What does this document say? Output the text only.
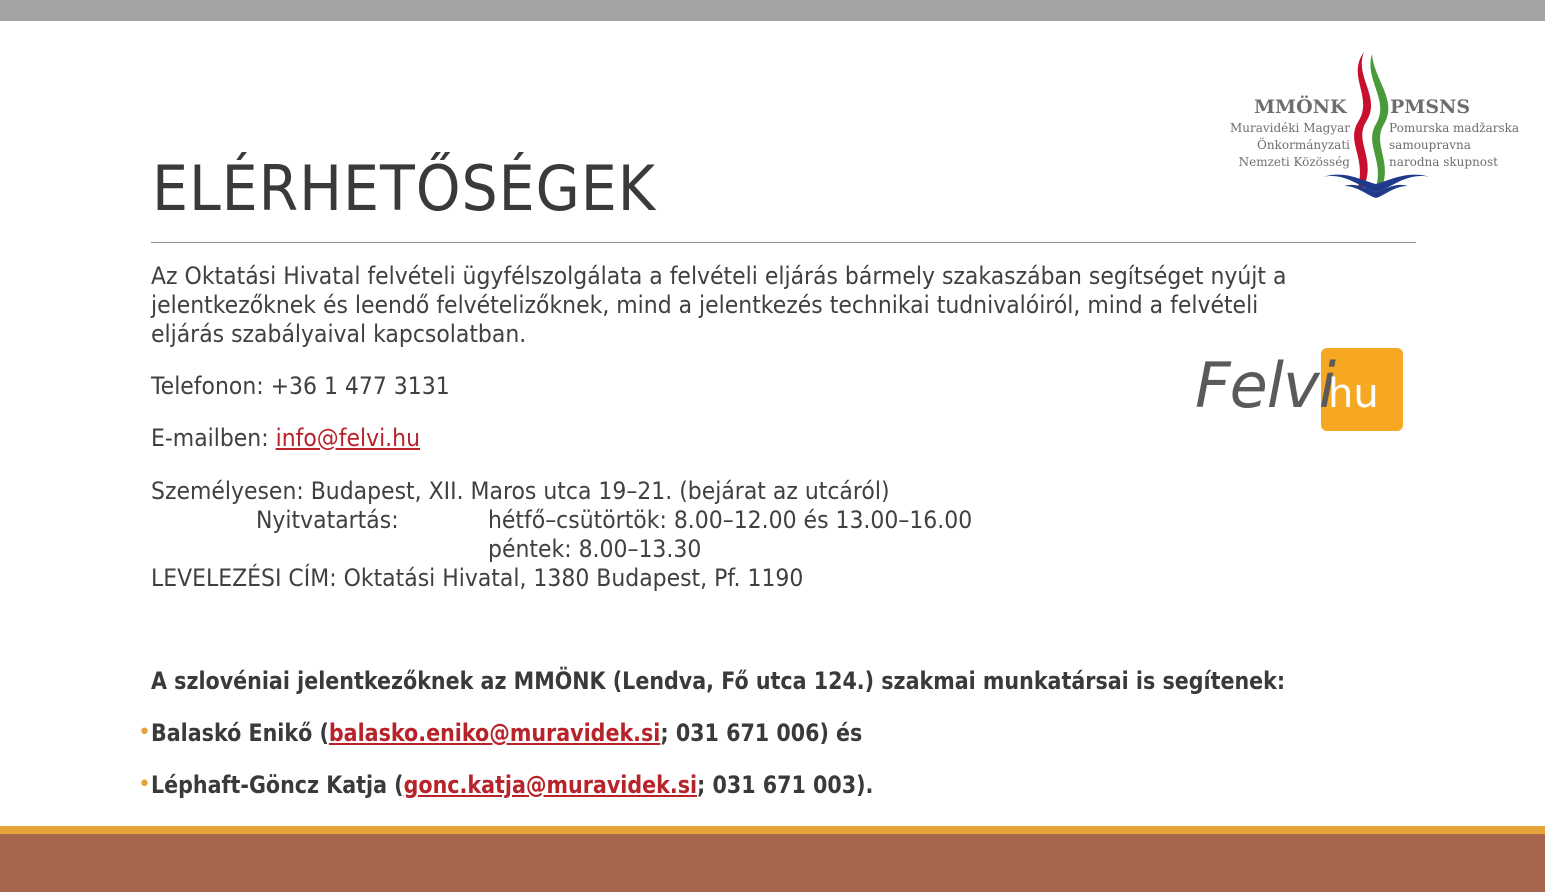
MMÖNK
Muravidéki Magyar
Önkormányzati
Nemzeti Közösség
PMSNS
Pomurska madžarska
samoupravna
narodna skupnost
ELÉRHETŐSÉGEK
Az Oktatási Hivatal felvételi ügyfélszolgálata a felvételi eljárás bármely szakaszában segítséget nyújt a
jelentkezőknek és leendő felvételizőknek, mind a jelentkezés technikai tudnivalóiról, mind a felvételi
eljárás szabályaival kapcsolatban.
Felvi
hu
Telefonon: +36 1 477 3131
E-mailben: info@felvi.hu
Személyesen: Budapest, XII. Maros utca 19–21. (bejárat az utcáról)
Nyitvatartás:	hétfő–csütörtök: 8.00–12.00 és 13.00–16.00
péntek: 8.00–13.30
LEVELEZÉSI CÍM: Oktatási Hivatal, 1380 Budapest, Pf. 1190
A szlovéniai jelentkezőknek az MMÖNK (Lendva, Fő utca 124.) szakmai munkatársai is segítenek:
• Balaskó Enikő (balasko.eniko@muravidek.si; 031 671 006) és
• Léphaft-Göncz Katja (gonc.katja@muravidek.si; 031 671 003).
